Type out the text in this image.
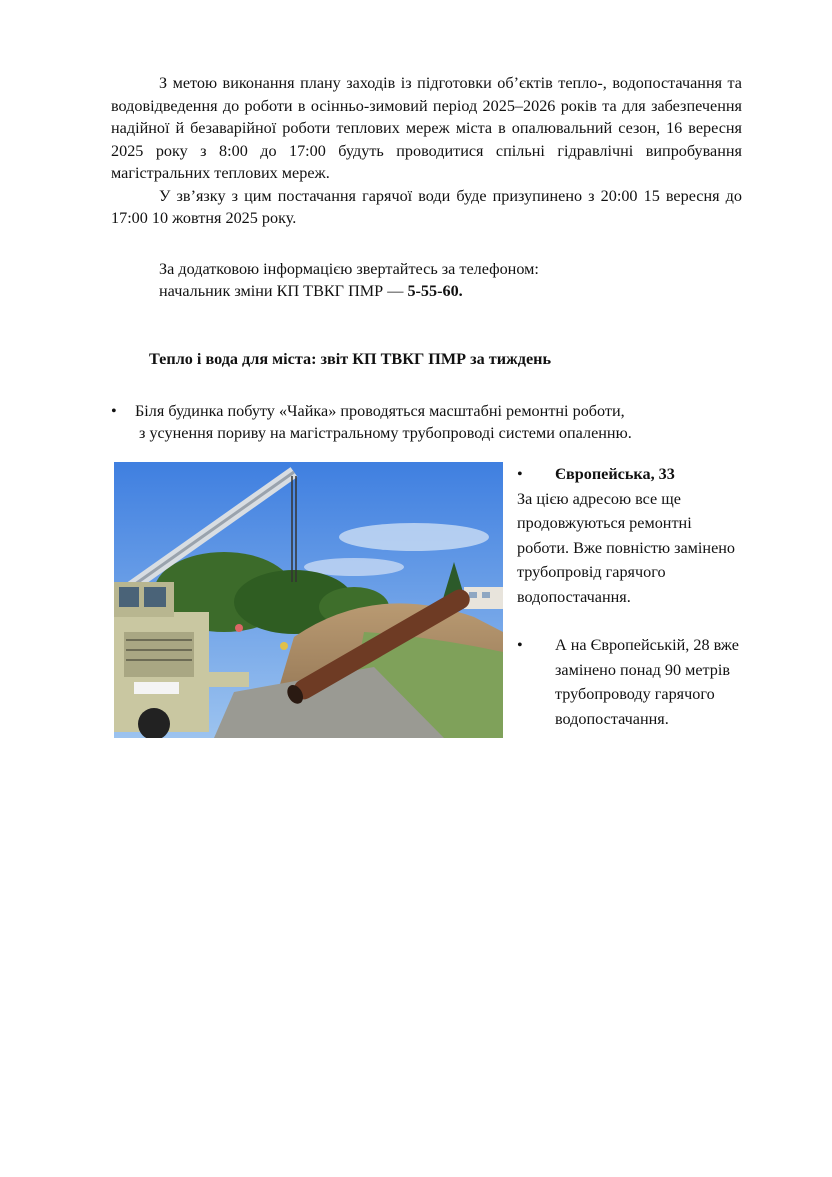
З метою виконання плану заходів із підготовки об’єктів тепло-, водопостачання та водовідведення до роботи в осінньо-зимовий період 2025–2026 років та для забезпечення надійної й безаварійної роботи теплових мереж міста в опалювальний сезон, 16 вересня 2025 року з 8:00 до 17:00 будуть проводитися спільні гідравлічні випробування магістральних теплових мереж.

У зв’язку з цим постачання гарячої води буде призупинено з 20:00 15 вересня до 17:00 10 жовтня 2025 року.

За додатковою інформацією звертайтесь за телефоном:
начальник зміни КП ТВКГ ПМР — 5-55-60.
Тепло і вода для міста: звіт КП ТВКГ ПМР за тиждень
• Біля будинка побуту «Чайка» проводяться масштабні ремонтні роботи,
з усунення пориву на магістральному трубопроводі системи опаленню.
• Європейська, 33

За цією адресою все ще продовжуються ремонтні роботи. Вже повністю замінено трубопровід гарячого водопостачання.

• А на Європейській, 28 вже замінено понад 90 метрів трубопроводу гарячого водопостачання.
